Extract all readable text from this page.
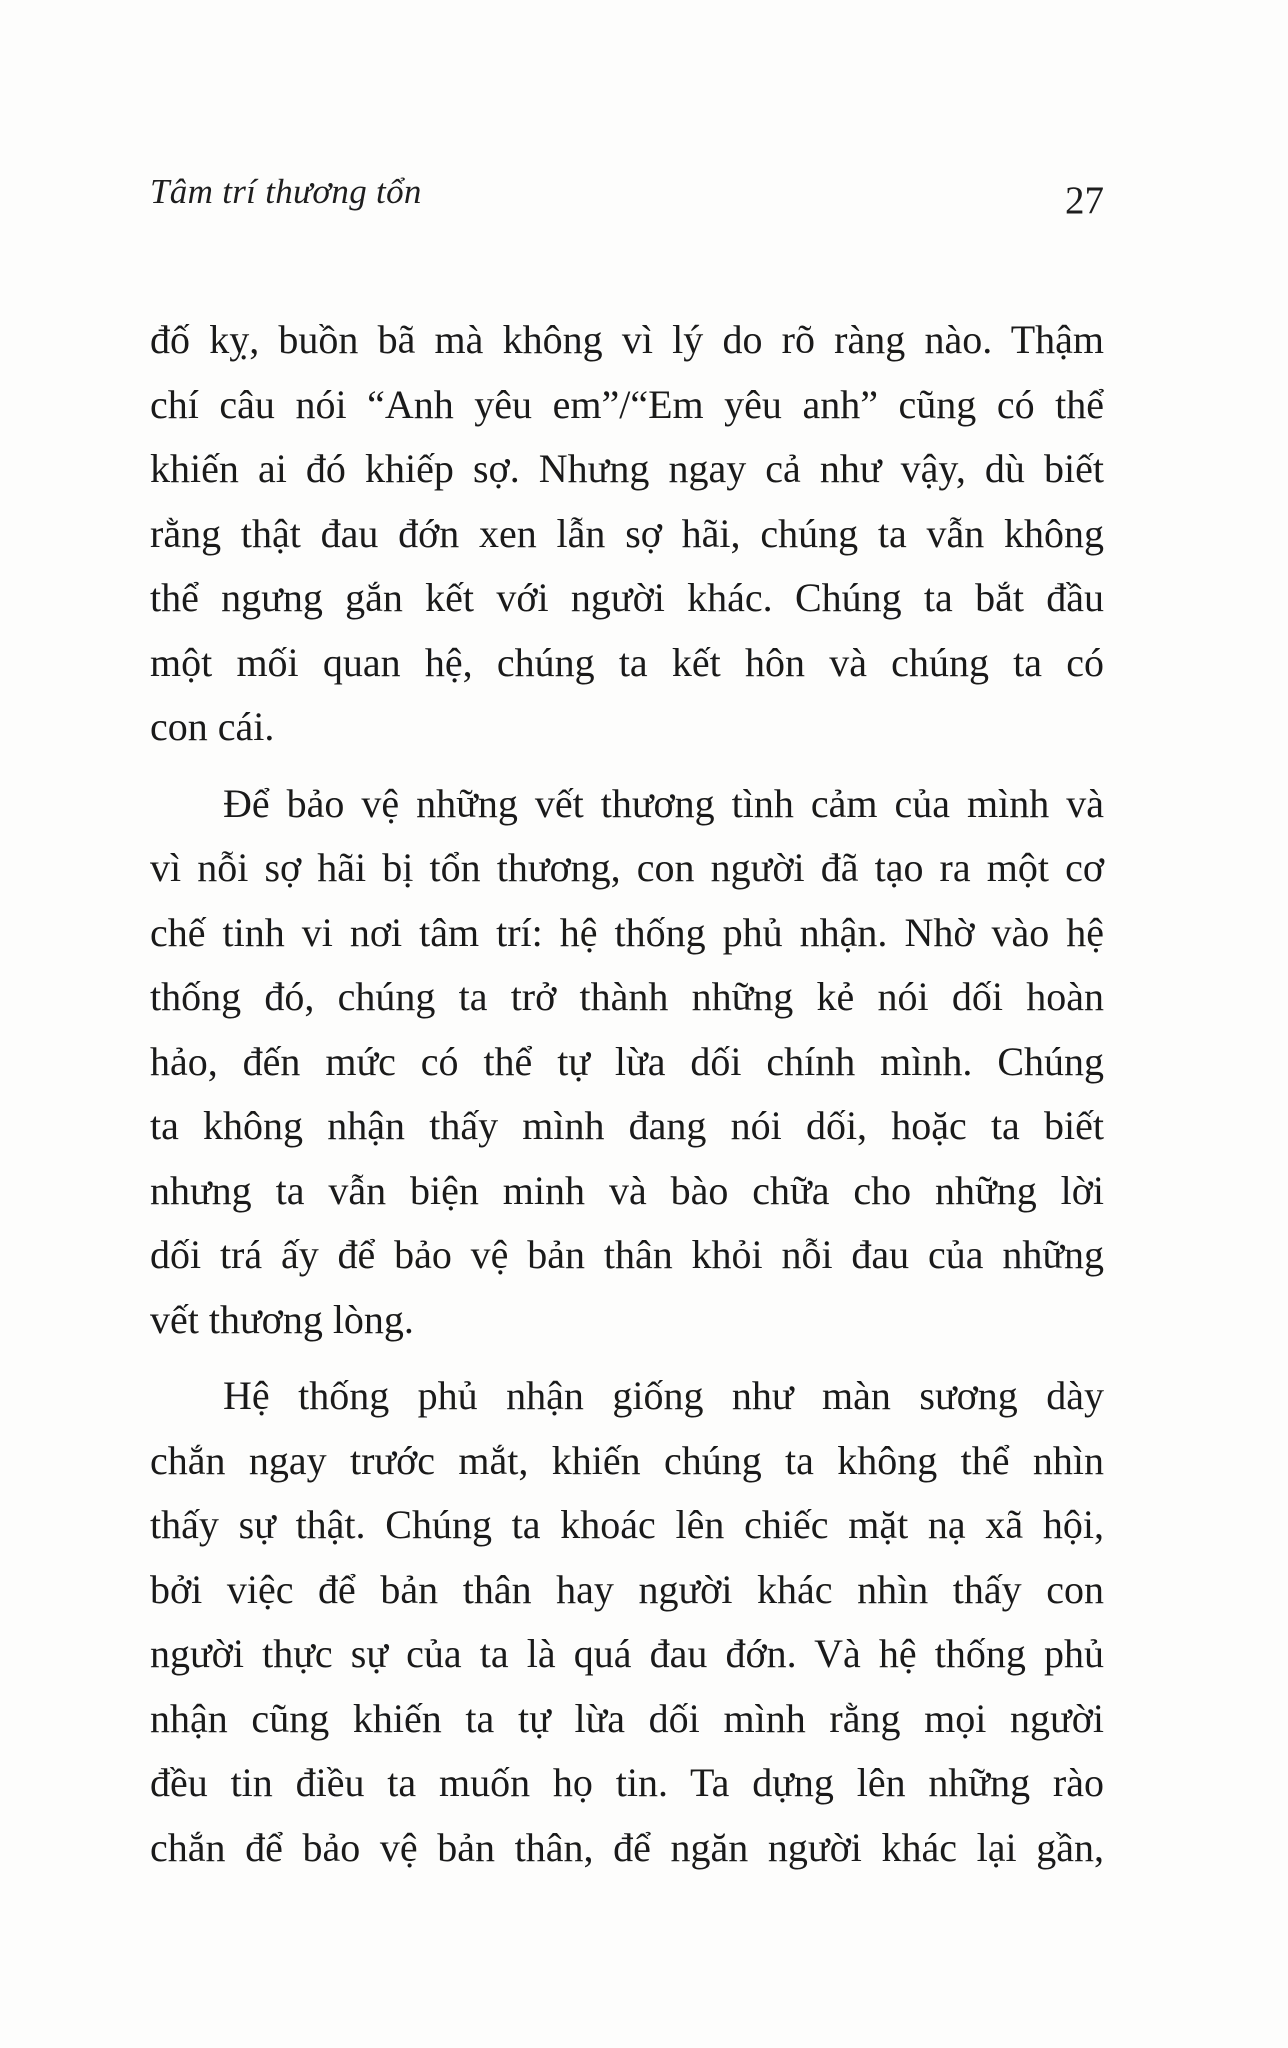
Tâm trí thương tổn	27

đố kỵ, buồn bã mà không vì lý do rõ ràng nào. Thậm
chí câu nói “Anh yêu em”/“Em yêu anh” cũng có thể
khiến ai đó khiếp sợ. Nhưng ngay cả như vậy, dù biết
rằng thật đau đớn xen lẫn sợ hãi, chúng ta vẫn không
thể ngưng gắn kết với người khác. Chúng ta bắt đầu
một mối quan hệ, chúng ta kết hôn và chúng ta có
con cái.

Để bảo vệ những vết thương tình cảm của mình và
vì nỗi sợ hãi bị tổn thương, con người đã tạo ra một cơ
chế tinh vi nơi tâm trí: hệ thống phủ nhận. Nhờ vào hệ
thống đó, chúng ta trở thành những kẻ nói dối hoàn
hảo, đến mức có thể tự lừa dối chính mình. Chúng
ta không nhận thấy mình đang nói dối, hoặc ta biết
nhưng ta vẫn biện minh và bào chữa cho những lời
dối trá ấy để bảo vệ bản thân khỏi nỗi đau của những
vết thương lòng.

Hệ thống phủ nhận giống như màn sương dày
chắn ngay trước mắt, khiến chúng ta không thể nhìn
thấy sự thật. Chúng ta khoác lên chiếc mặt nạ xã hội,
bởi việc để bản thân hay người khác nhìn thấy con
người thực sự của ta là quá đau đớn. Và hệ thống phủ
nhận cũng khiến ta tự lừa dối mình rằng mọi người
đều tin điều ta muốn họ tin. Ta dựng lên những rào
chắn để bảo vệ bản thân, để ngăn người khác lại gần,
